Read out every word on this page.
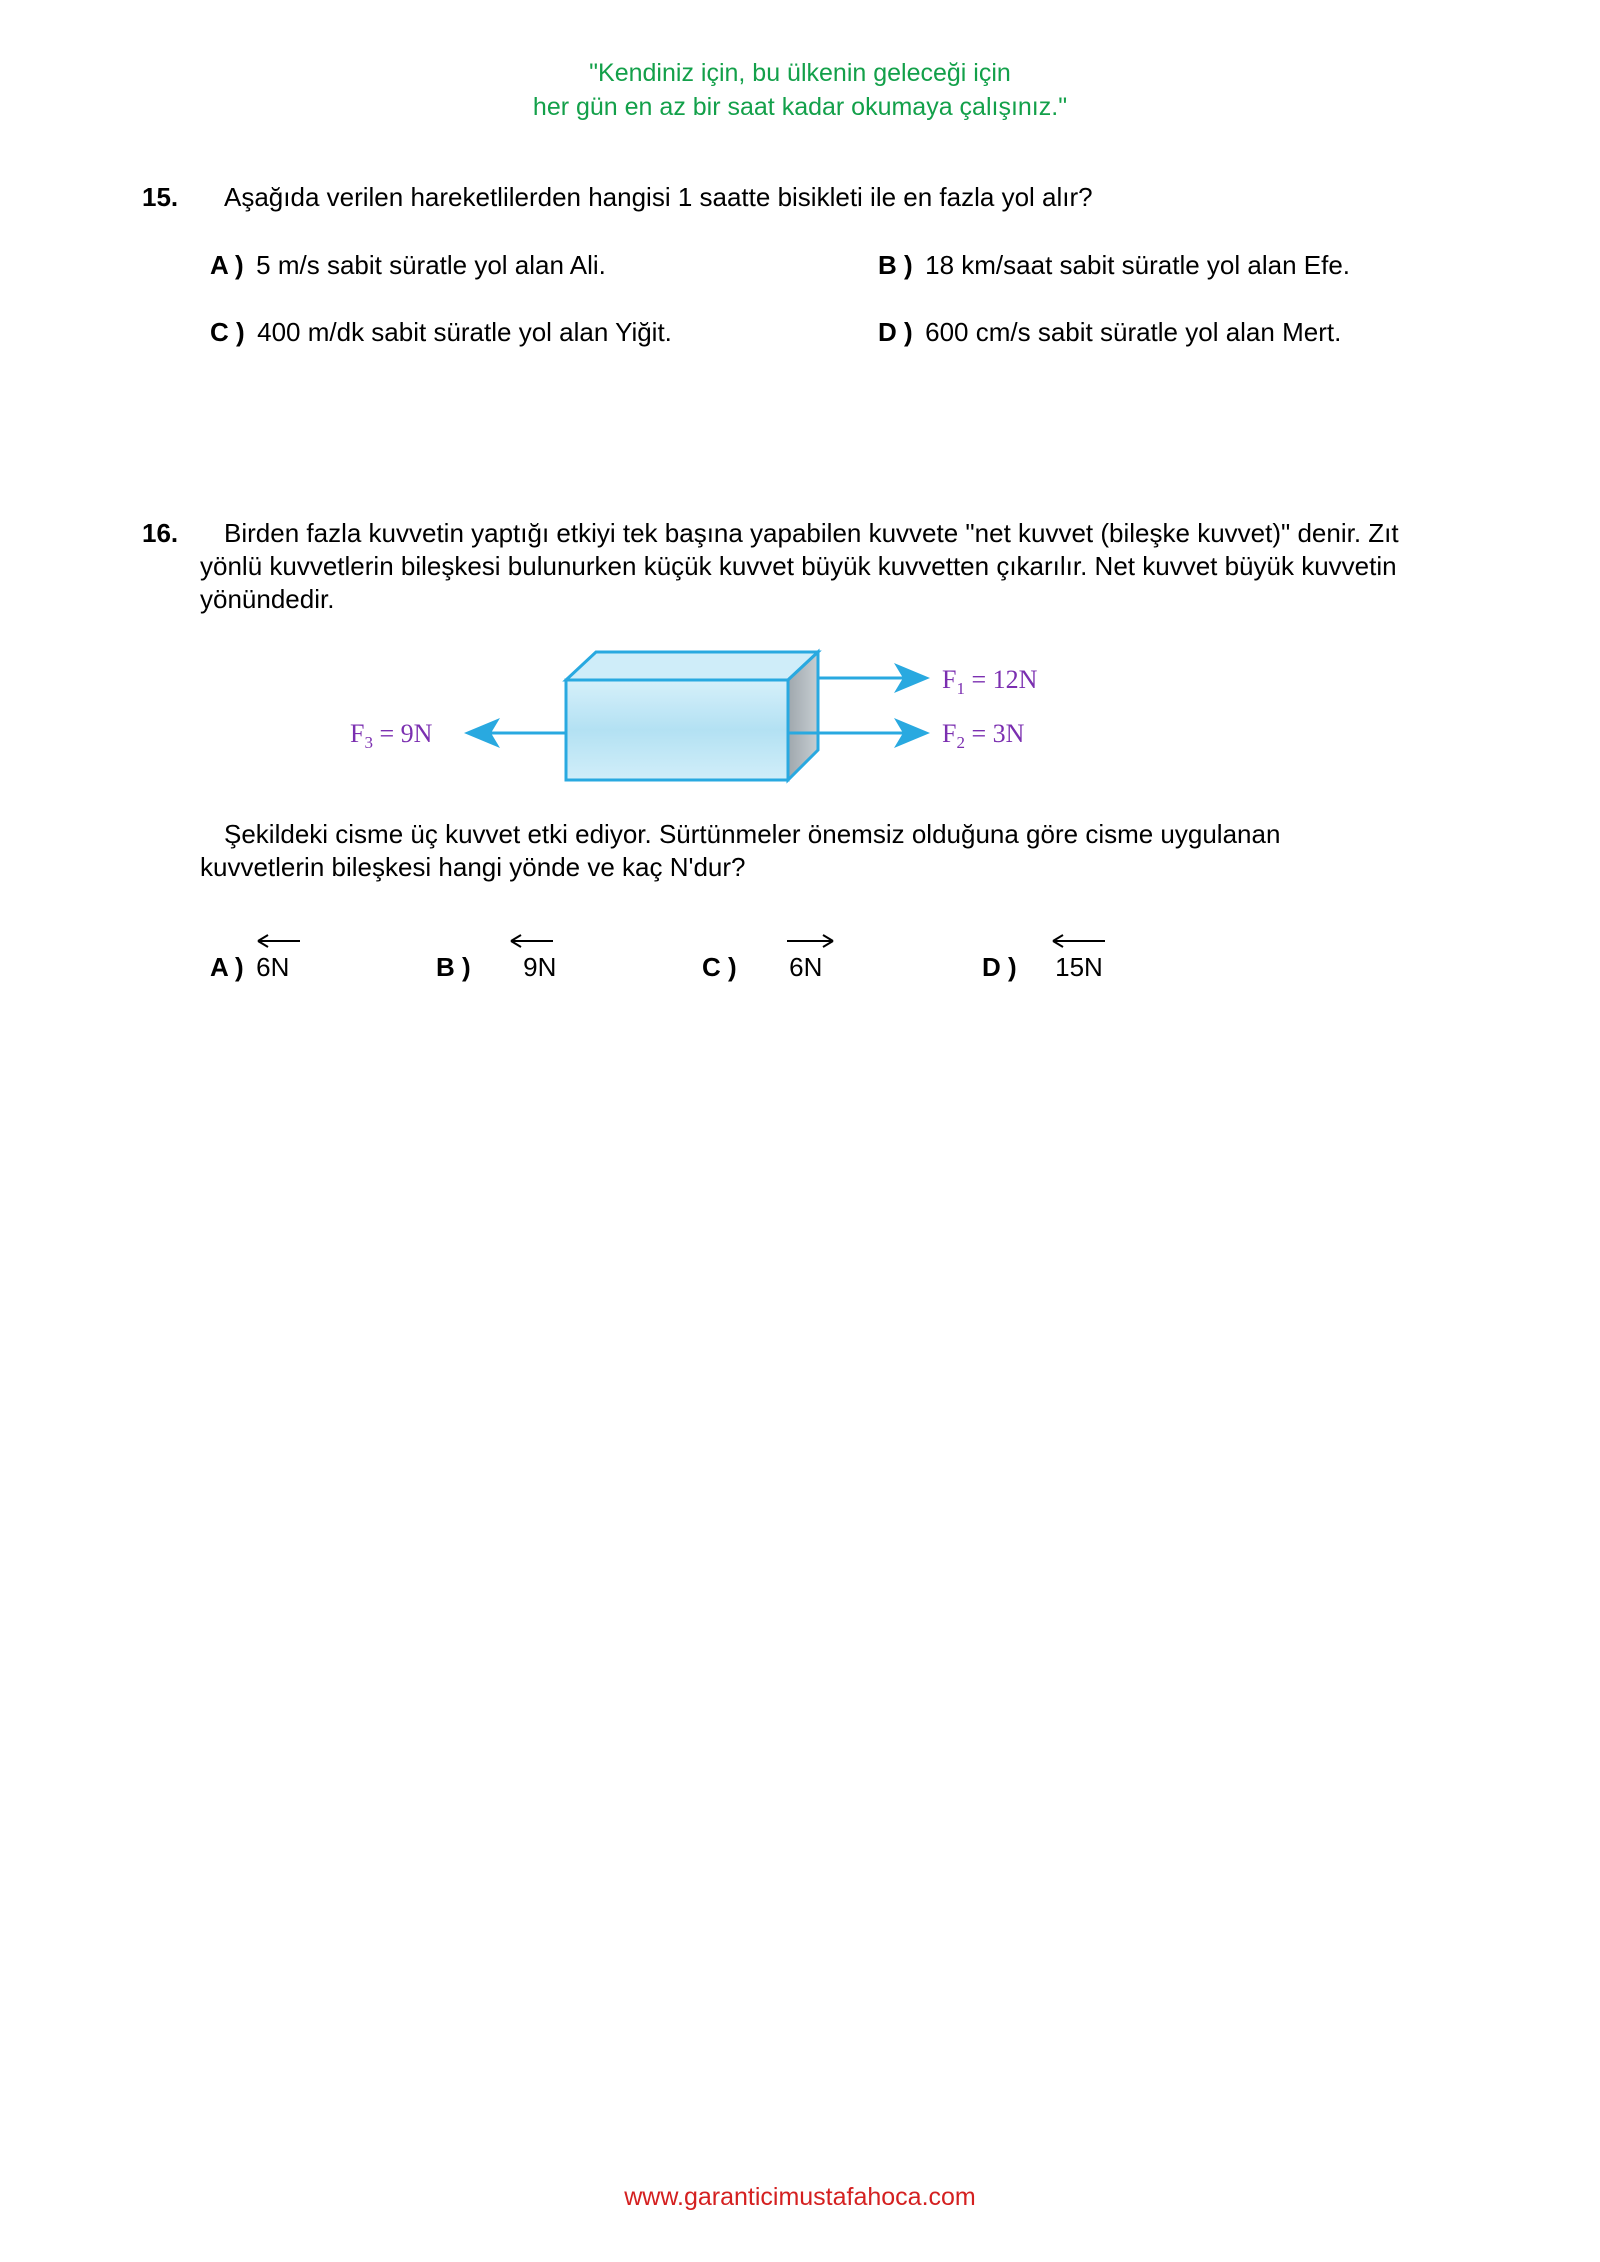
"Kendiniz için, bu ülkenin geleceği için
her gün en az bir saat kadar okumaya çalışınız."
15. Aşağıda verilen hareketlilerden hangisi 1 saatte bisikleti ile en fazla yol alır?
A ) 5 m/s sabit süratle yol alan Ali.	B ) 18 km/saat sabit süratle yol alan Efe.
C ) 400 m/dk sabit süratle yol alan Yiğit.	D ) 600 cm/s sabit süratle yol alan Mert.
16. Birden fazla kuvvetin yaptığı etkiyi tek başına yapabilen kuvvete "net kuvvet (bileşke kuvvet)" denir. Zıt
yönlü kuvvetlerin bileşkesi bulunurken küçük kuvvet büyük kuvvetten çıkarılır. Net kuvvet büyük kuvvetin
yönündedir.
$F_1 = 12N$
$F_2 = 3N$
$F_3 = 9N$
Şekildeki cisme üç kuvvet etki ediyor. Sürtünmeler önemsiz olduğuna göre cisme uygulanan
kuvvetlerin bileşkesi hangi yönde ve kaç N'dur?
A ) 6N	B ) 9N	C ) 6N	D ) 15N
www.garanticimustafahoca.com
